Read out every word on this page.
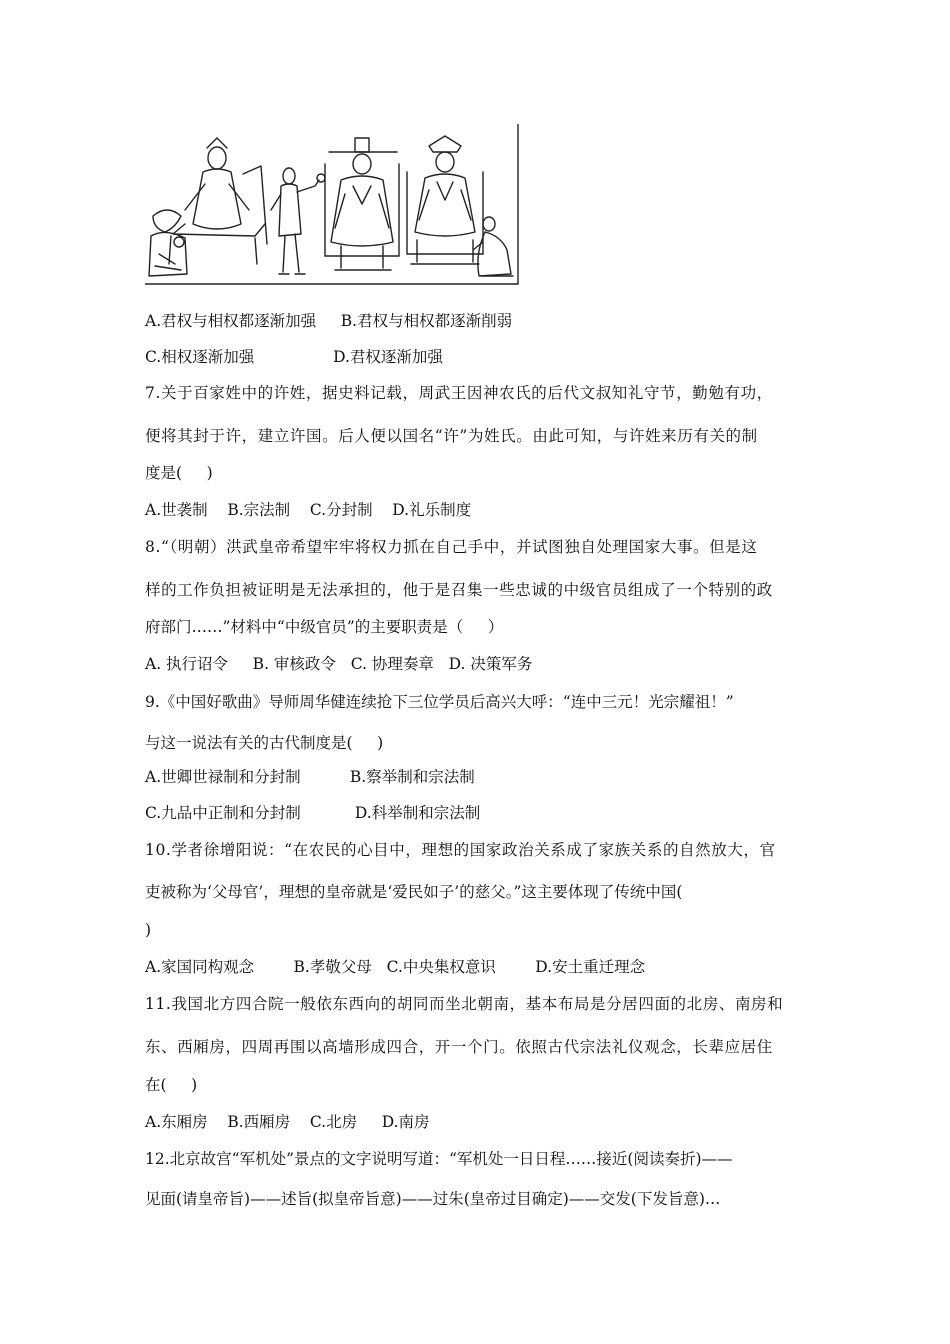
A.君权与相权都逐渐加强     B.君权与相权都逐渐削弱
C.相权逐渐加强                D.君权逐渐加强
7.关于百家姓中的许姓，据史料记载，周武王因神农氏的后代文叔知礼守节，勤勉有功，
便将其封于许，建立许国。后人便以国名“许”为姓氏。由此可知，与许姓来历有关的制
度是(     )
A.世袭制    B.宗法制    C.分封制    D.礼乐制度
8.“（明朝）洪武皇帝希望牢牢将权力抓在自己手中，并试图独自处理国家大事。但是这
样的工作负担被证明是无法承担的，他于是召集一些忠诚的中级官员组成了一个特别的政
府部门……”材料中“中级官员”的主要职责是（     ）
A. 执行诏令     B. 审核政令   C. 协理奏章   D. 决策军务
9.《中国好歌曲》导师周华健连续抢下三位学员后高兴大呼：“连中三元！光宗耀祖！”
与这一说法有关的古代制度是(     )
A.世卿世禄制和分封制          B.察举制和宗法制
C.九品中正制和分封制           D.科举制和宗法制
10.学者徐增阳说：“在农民的心目中，理想的国家政治关系成了家族关系的自然放大，官
吏被称为‘父母官’，理想的皇帝就是‘爱民如子’的慈父。”这主要体现了传统中国(
)
A.家国同构观念        B.孝敬父母   C.中央集权意识        D.安土重迁理念
11.我国北方四合院一般依东西向的胡同而坐北朝南，基本布局是分居四面的北房、南房和
东、西厢房，四周再围以高墙形成四合，开一个门。依照古代宗法礼仪观念，长辈应居住
在(     )
A.东厢房    B.西厢房    C.北房     D.南房
12.北京故宫“军机处”景点的文字说明写道：“军机处一日日程……接近(阅读奏折)——
见面(请皇帝旨)——述旨(拟皇帝旨意)——过朱(皇帝过目确定)——交发(下发旨意)…
